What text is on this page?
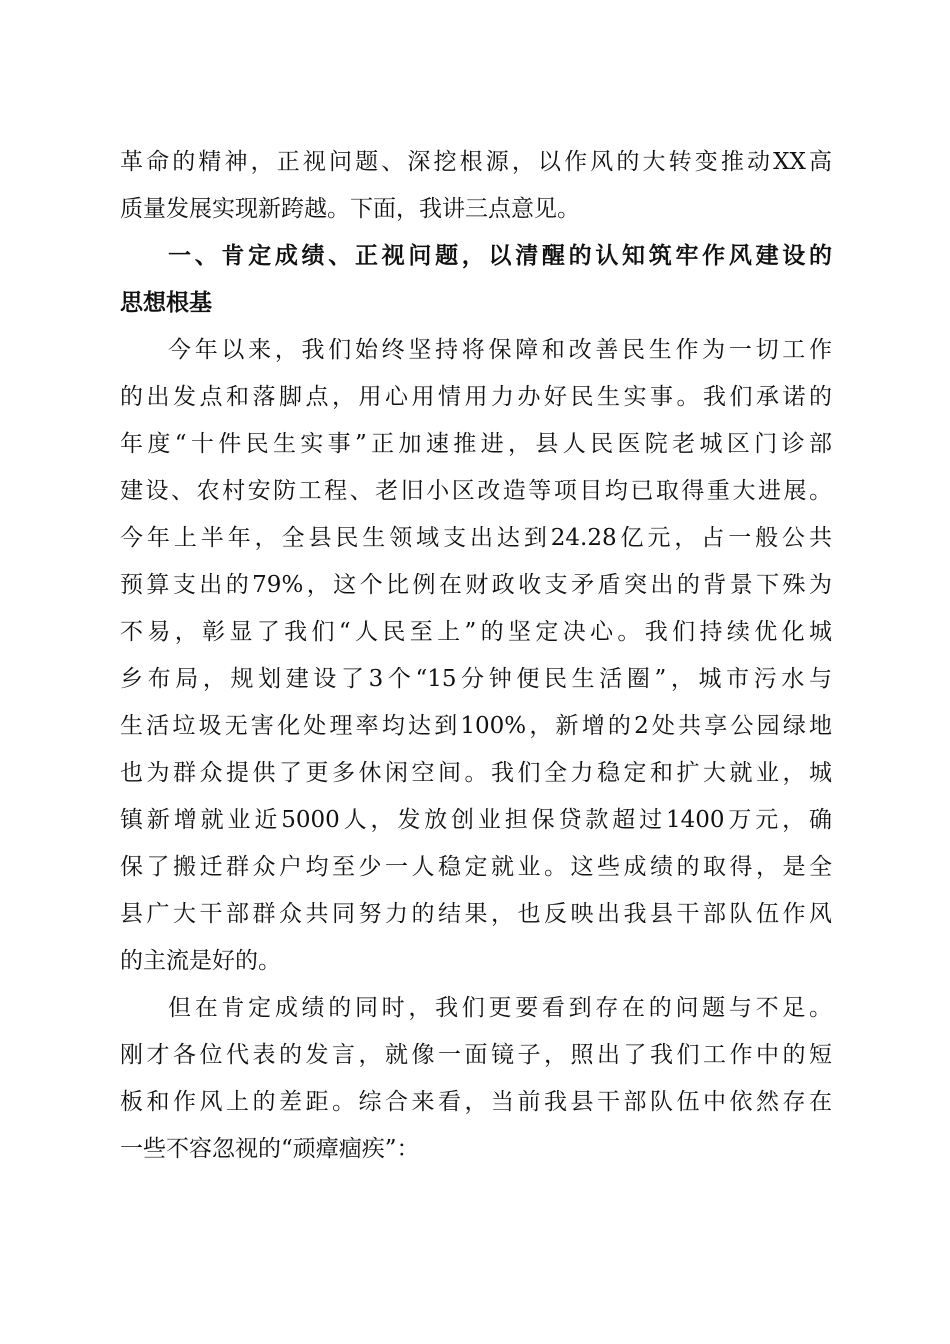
革命的精神，正视问题、深挖根源，以作风的大转变推动XX高
质量发展实现新跨越。下面，我讲三点意见。
一、肯定成绩、正视问题，以清醒的认知筑牢作风建设的
思想根基
今年以来，我们始终坚持将保障和改善民生作为一切工作
的出发点和落脚点，用心用情用力办好民生实事。我们承诺的
年度“十件民生实事”正加速推进，县人民医院老城区门诊部
建设、农村安防工程、老旧小区改造等项目均已取得重大进展。
今年上半年，全县民生领域支出达到24.28亿元，占一般公共
预算支出的79%，这个比例在财政收支矛盾突出的背景下殊为
不易，彰显了我们“人民至上”的坚定决心。我们持续优化城
乡布局，规划建设了3个“15分钟便民生活圈”，城市污水与
生活垃圾无害化处理率均达到100%，新增的2处共享公园绿地
也为群众提供了更多休闲空间。我们全力稳定和扩大就业，城
镇新增就业近5000人，发放创业担保贷款超过1400万元，确
保了搬迁群众户均至少一人稳定就业。这些成绩的取得，是全
县广大干部群众共同努力的结果，也反映出我县干部队伍作风
的主流是好的。
但在肯定成绩的同时，我们更要看到存在的问题与不足。
刚才各位代表的发言，就像一面镜子，照出了我们工作中的短
板和作风上的差距。综合来看，当前我县干部队伍中依然存在
一些不容忽视的“顽瘴痼疾”：
